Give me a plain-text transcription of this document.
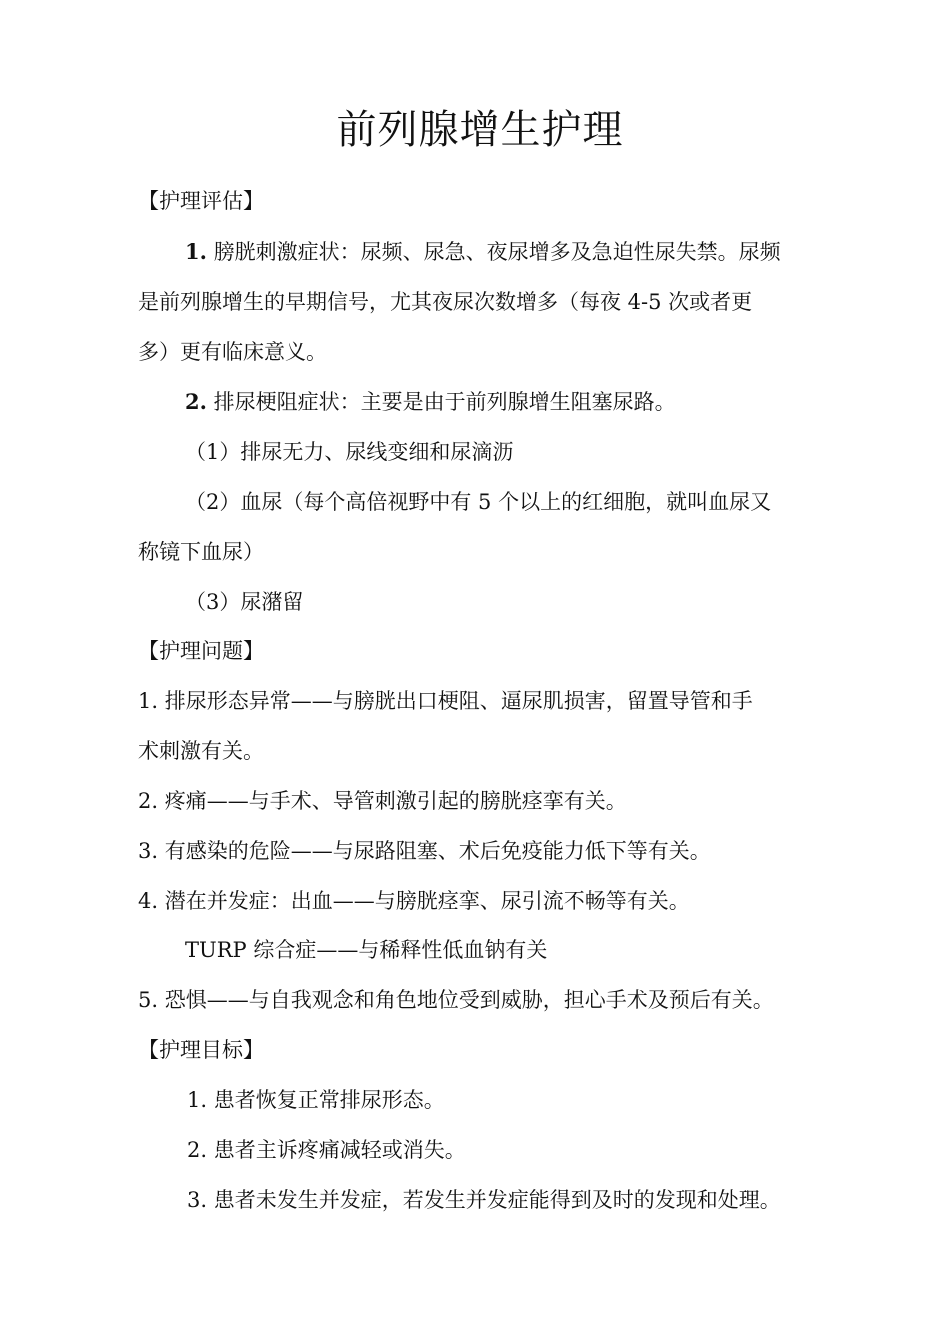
前列腺增生护理

【护理评估】

1. 膀胱刺激症状：尿频、尿急、夜尿增多及急迫性尿失禁。尿频

是前列腺增生的早期信号，尤其夜尿次数增多（每夜 4-5 次或者更

多）更有临床意义。

2. 排尿梗阻症状：主要是由于前列腺增生阻塞尿路。

（1）排尿无力、尿线变细和尿滴沥

（2）血尿（每个高倍视野中有 5 个以上的红细胞，就叫血尿又

称镜下血尿）

（3）尿潴留

【护理问题】

1. 排尿形态异常——与膀胱出口梗阻、逼尿肌损害，留置导管和手

术刺激有关。

2. 疼痛——与手术、导管刺激引起的膀胱痉挛有关。

3. 有感染的危险——与尿路阻塞、术后免疫能力低下等有关。

4. 潜在并发症：出血——与膀胱痉挛、尿引流不畅等有关。

TURP 综合症——与稀释性低血钠有关

5. 恐惧——与自我观念和角色地位受到威胁，担心手术及预后有关。

【护理目标】

1. 患者恢复正常排尿形态。

2. 患者主诉疼痛减轻或消失。

3. 患者未发生并发症，若发生并发症能得到及时的发现和处理。
